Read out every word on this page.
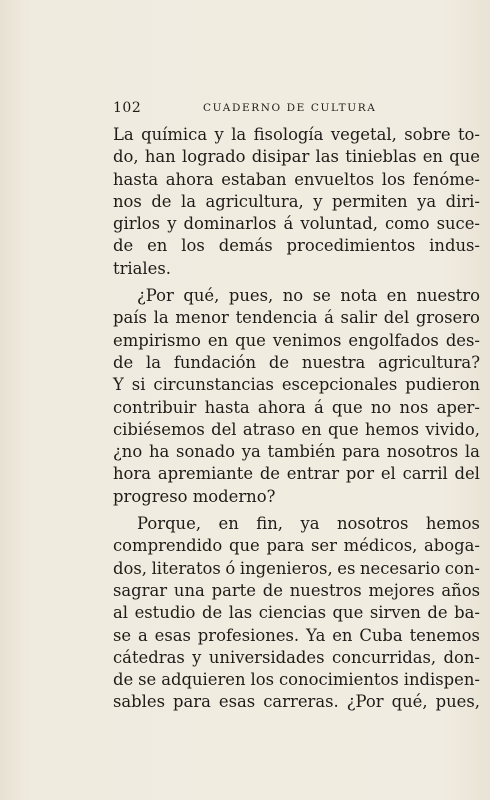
102	CUADERNO DE CULTURA
La química y la fisología vegetal, sobre to-
do, han logrado disipar las tinieblas en que
hasta ahora estaban envueltos los fenóme-
nos de la agricultura, y permiten ya diri-
girlos y dominarlos á voluntad, como suce-
de en los demás procedimientos indus-
triales.
¿Por qué, pues, no se nota en nuestro
país la menor tendencia á salir del grosero
empirismo en que venimos engolfados des-
de la fundación de nuestra agricultura?
Y si circunstancias escepcionales pudieron
contribuir hasta ahora á que no nos aper-
cibiésemos del atraso en que hemos vivido,
¿no ha sonado ya también para nosotros la
hora apremiante de entrar por el carril del
progreso moderno?
Porque, en fin, ya nosotros hemos
comprendido que para ser médicos, aboga-
dos, literatos ó ingenieros, es necesario con-
sagrar una parte de nuestros mejores años
al estudio de las ciencias que sirven de ba-
se a esas profesiones. Ya en Cuba tenemos
cátedras y universidades concurridas, don-
de se adquieren los conocimientos indispen-
sables para esas carreras. ¿Por qué, pues,
